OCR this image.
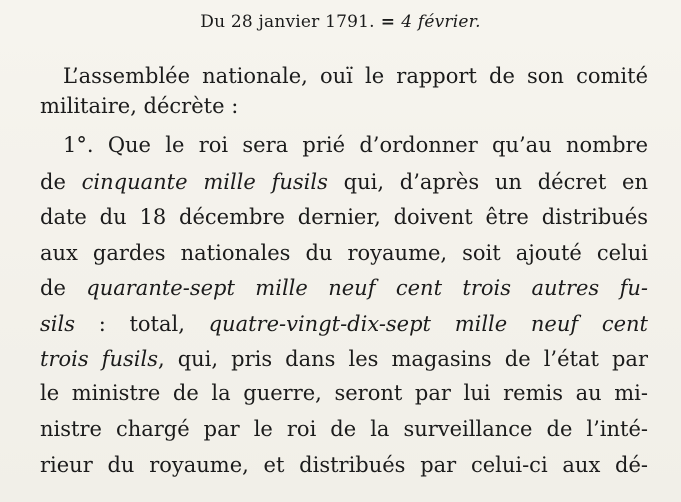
Du 28 janvier 1791. = 4 février.
L’assemblée nationale, ouï le rapport de son comité
militaire, décrète :
1°. Que le roi sera prié d’ordonner qu’au nombre
de cinquante mille fusils qui, d’après un décret en
date du 18 décembre dernier, doivent être distribués
aux gardes nationales du royaume, soit ajouté celui
de quarante-sept mille neuf cent trois autres fu-
sils : total, quatre-vingt-dix-sept mille neuf cent
trois fusils, qui, pris dans les magasins de l’état par
le ministre de la guerre, seront par lui remis au mi-
nistre chargé par le roi de la surveillance de l’inté-
rieur du royaume, et distribués par celui-ci aux dé-
